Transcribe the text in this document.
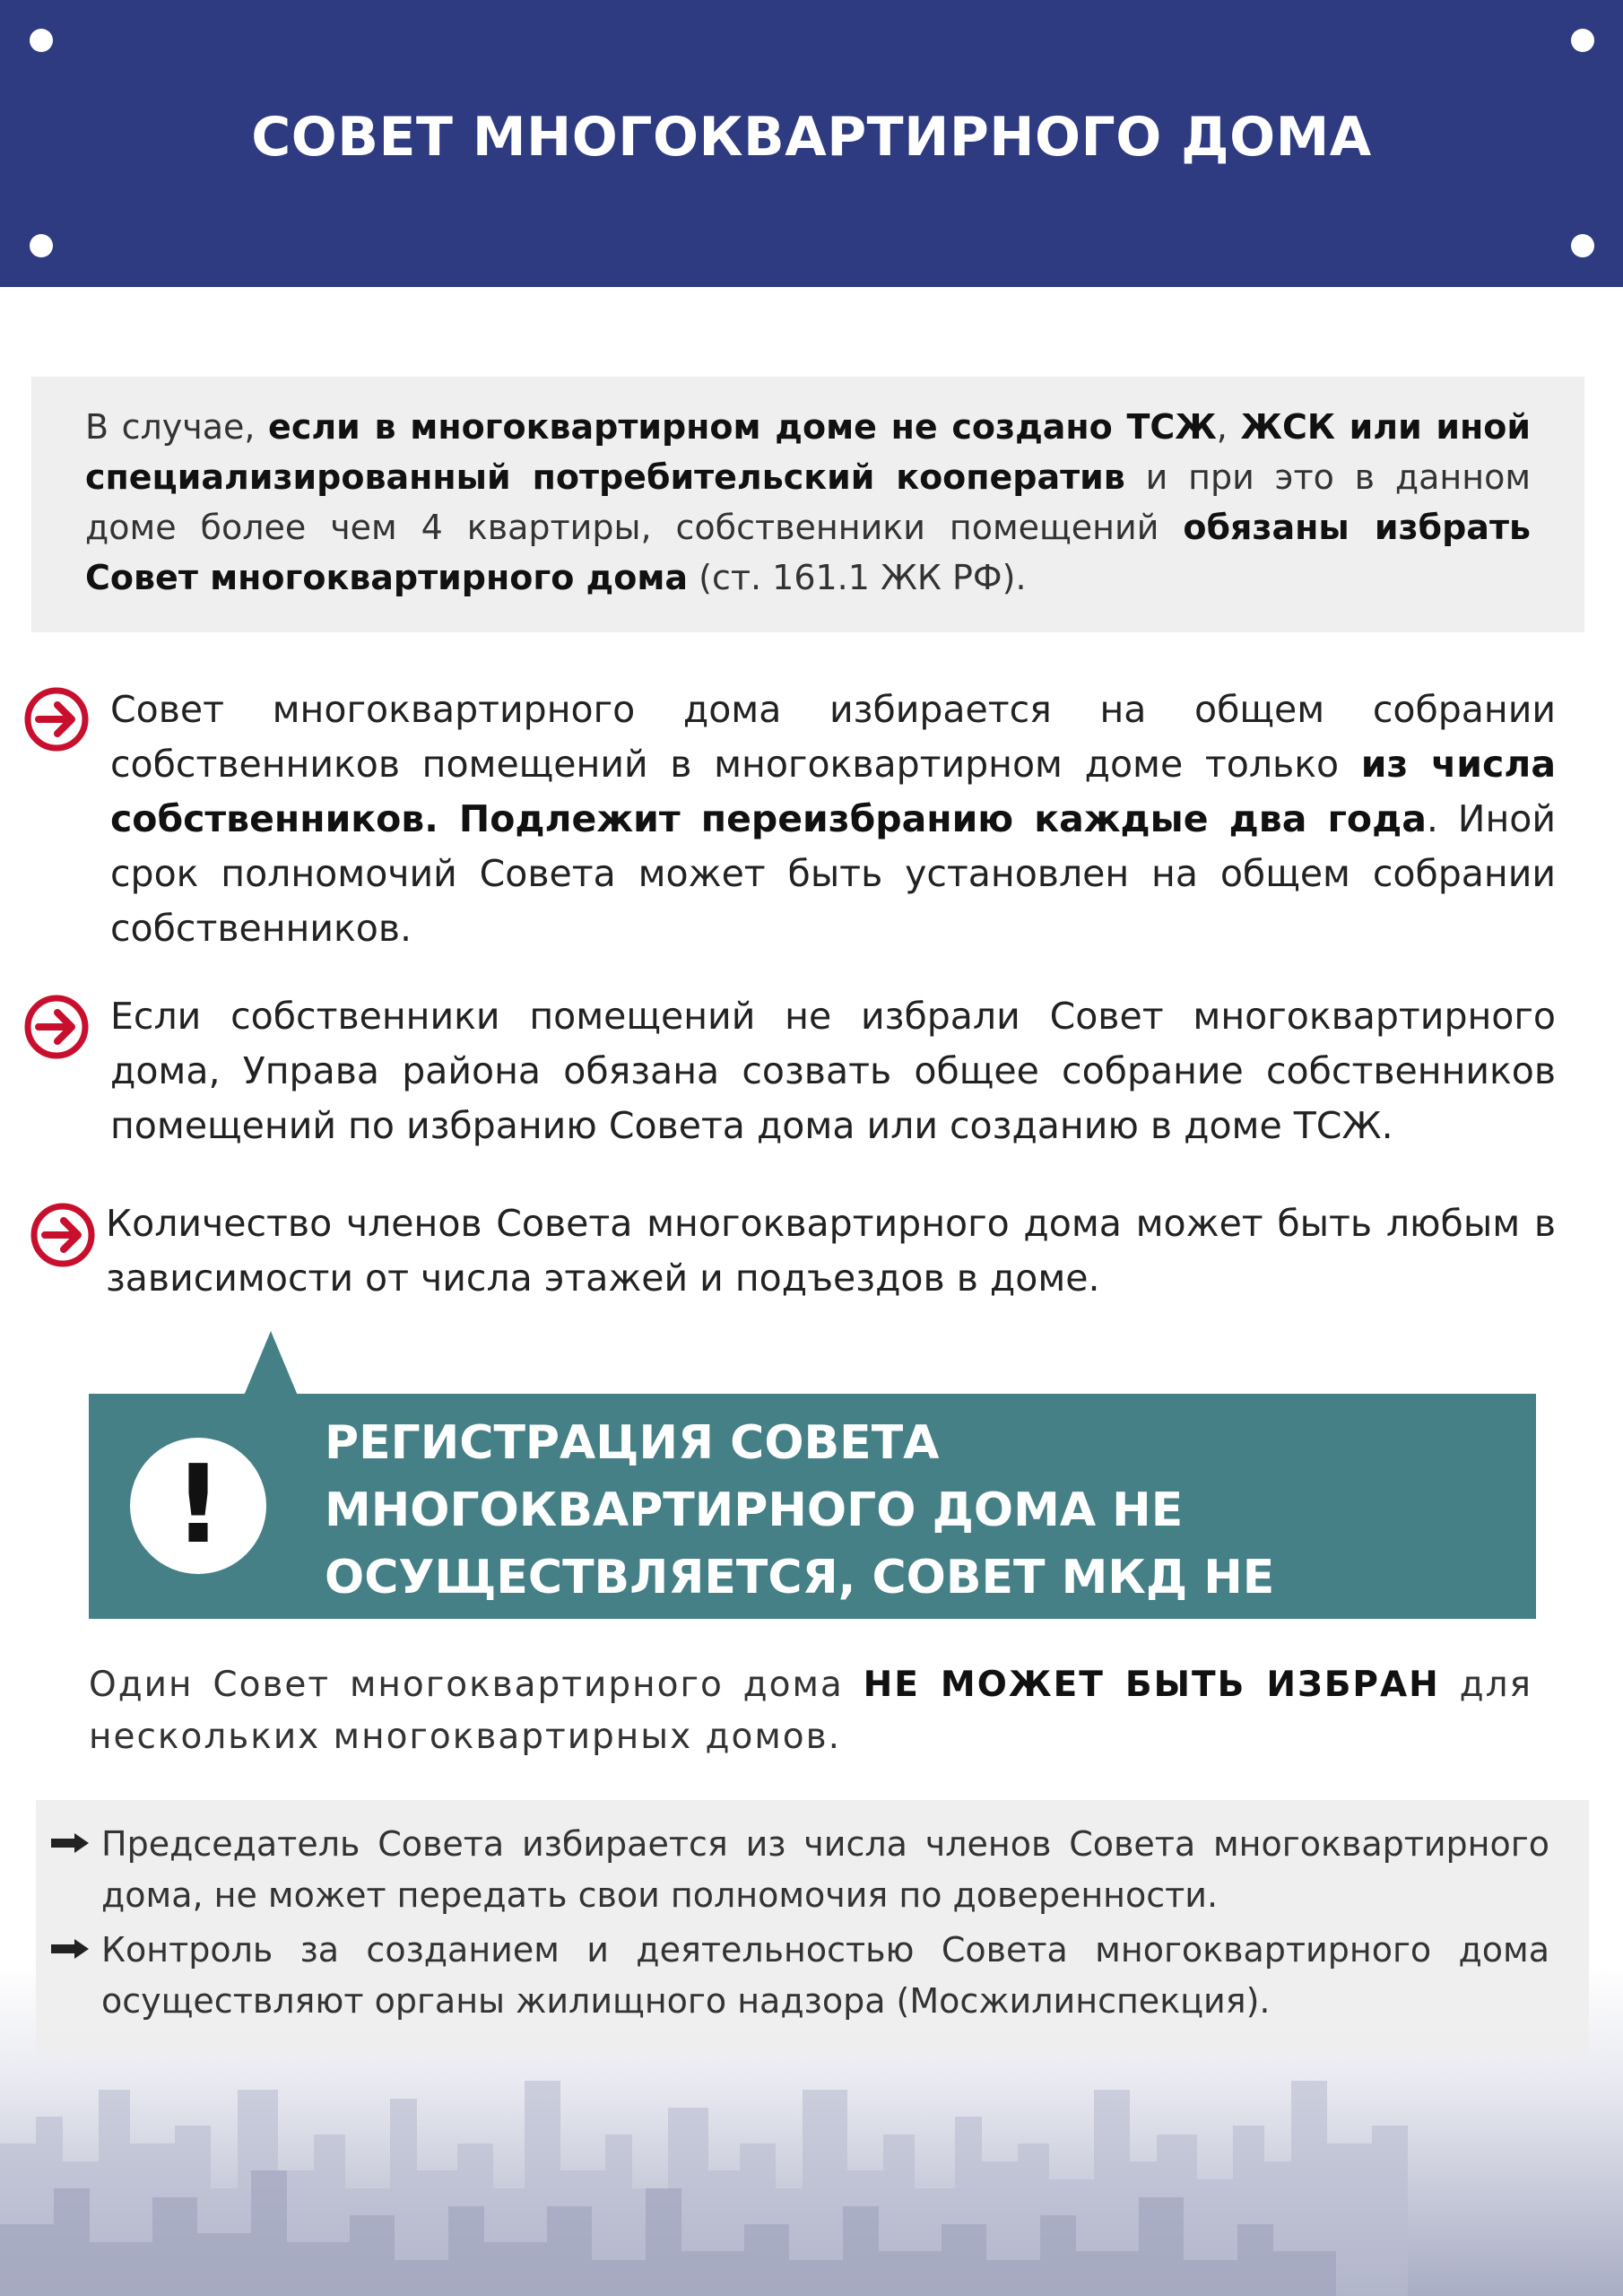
СОВЕТ МНОГОКВАРТИРНОГО ДОМА

В случае, если в многоквартирном доме не создано ТСЖ, ЖСК или иной специализированный потребительский кооператив и при это в данном доме более чем 4 квартиры, собственники помещений обязаны избрать Совет многоквартирного дома (ст. 161.1 ЖК РФ).

Совет многоквартирного дома избирается на общем собрании собственников помещений в многоквартирном доме только из числа собственников. Подлежит переизбранию каждые два года. Иной срок полномочий Совета может быть установлен на общем собрании собственников.
Если собственники помещений не избрали Совет многоквартирного дома, Управа района обязана созвать общее собрание собственников помещений по избранию Совета дома или созданию в доме ТСЖ.
Количество членов Совета многоквартирного дома может быть любым в зависимости от числа этажей и подъездов в доме.
!	РЕГИСТРАЦИЯ СОВЕТА МНОГОКВАРТИРНОГО ДОМА НЕ ОСУЩЕСТВЛЯЕТСЯ, СОВЕТ МКД НЕ ЯВЛЯЕТСЯ ЮРИДИЧЕСКИМ ЛИЦОМ
Один Совет многоквартирного дома НЕ МОЖЕТ БЫТЬ ИЗБРАН для нескольких многоквартирных домов.
Председатель Совета избирается из числа членов Совета многоквартирного дома, не может передать свои полномочия по доверенности.
Контроль за созданием и деятельностью Совета многоквартирного дома осуществляют органы жилищного надзора (Мосжилинспекция).
